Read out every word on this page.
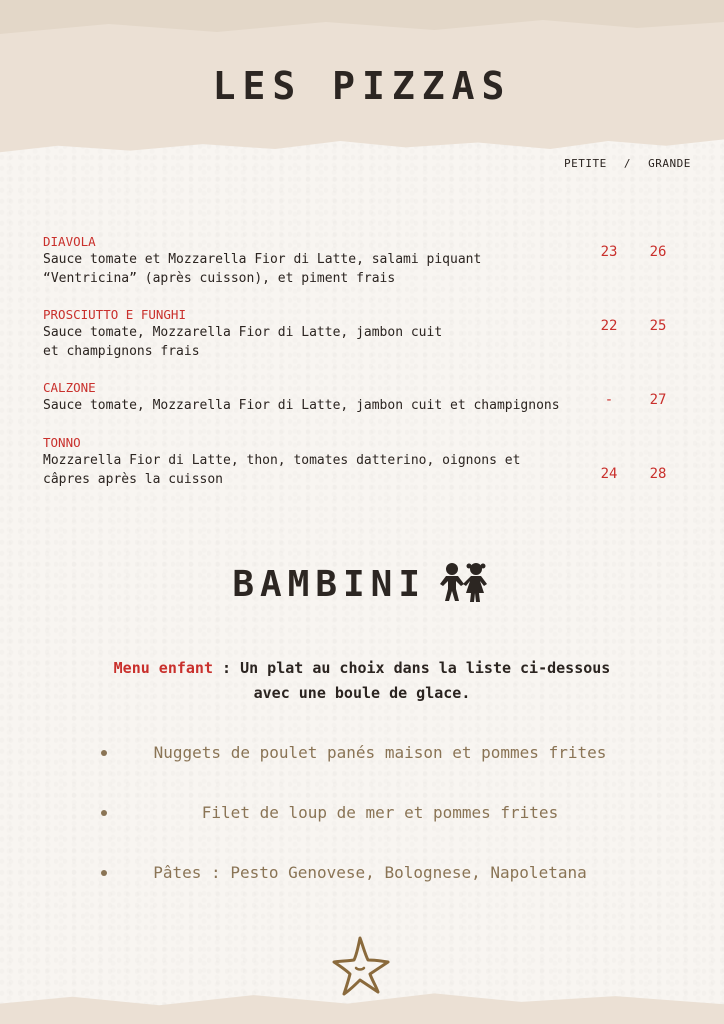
LES PIZZAS
PETITE / GRANDE
DIAVOLA
Sauce tomate et Mozzarella Fior di Latte, salami piquant “Ventricina” (après cuisson), et piment frais
23	26
PROSCIUTTO E FUNGHI
Sauce tomate, Mozzarella Fior di Latte, jambon cuit et champignons frais
22	25
CALZONE
Sauce tomate, Mozzarella Fior di Latte, jambon cuit et champignons	-	27
TONNO
Mozzarella Fior di Latte, thon, tomates datterino, oignons et câpres après la cuisson	24	28
BAMBINI
Menu enfant : Un plat au choix dans la liste ci-dessous
avec une boule de glace.
Nuggets de poulet panés maison et pommes frites
Filet de loup de mer et pommes frites
Pâtes : Pesto Genovese, Bolognese, Napoletana
